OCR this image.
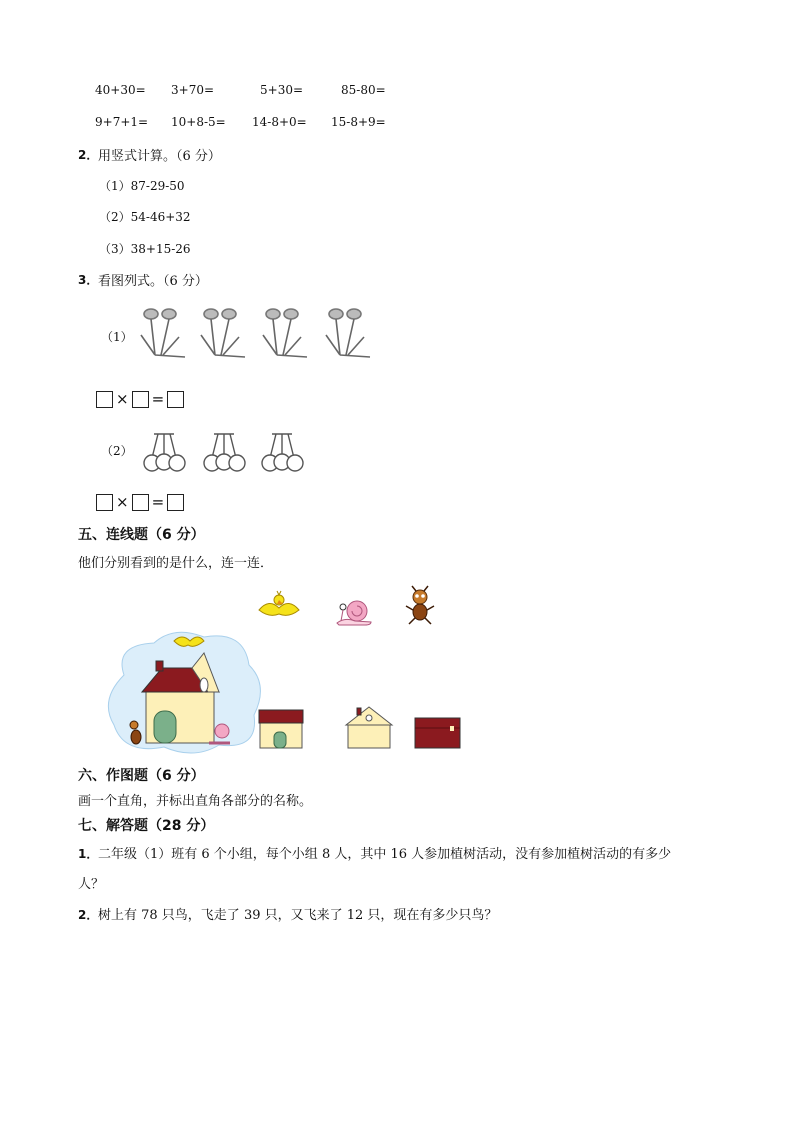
40+30= 3+70=	5+30=	85-80=
9+7+1= 10+8-5= 14-8+0= 15-8+9=
2． 用竖式计算。（6 分）
（1）87-29-50
（2）54-46+32
（3）38+15-26
3． 看图列式。（6 分）
（1）
× =
（2）
× =
五、连线题（6 分）
他们分别看到的是什么，连一连．
六、作图题（6 分）
画一个直角，并标出直角各部分的名称。
七、解答题（28 分）
1． 二年级（1）班有 6 个小组，每个小组 8 人，其中 16 人参加植树活动，没有参加植树活动的有多少
人？
2． 树上有 78 只鸟，飞走了 39 只，又飞来了 12 只，现在有多少只鸟？
